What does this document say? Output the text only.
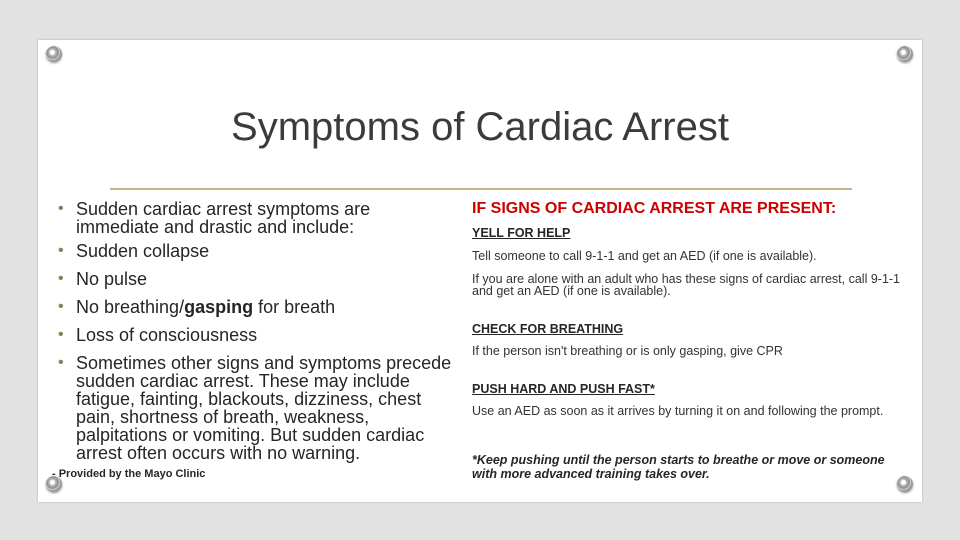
Symptoms of Cardiac Arrest
• Sudden cardiac arrest symptoms are immediate and drastic and include:
• Sudden collapse
• No pulse
• No breathing/gasping for breath
• Loss of consciousness
• Sometimes other signs and symptoms precede sudden cardiac arrest. These may include fatigue, fainting, blackouts, dizziness, chest pain, shortness of breath, weakness, palpitations or vomiting. But sudden cardiac arrest often occurs with no warning.
- Provided by the Mayo Clinic
IF SIGNS OF CARDIAC ARREST ARE PRESENT:
YELL FOR HELP
Tell someone to call 9-1-1 and get an AED (if one is available).
If you are alone with an adult who has these signs of cardiac arrest, call 9-1-1 and get an AED (if one is available).
CHECK FOR BREATHING
If the person isn't breathing or is only gasping, give CPR
PUSH HARD AND PUSH FAST*
Use an AED as soon as it arrives by turning it on and following the prompt.
*Keep pushing until the person starts to breathe or move or someone with more advanced training takes over.
